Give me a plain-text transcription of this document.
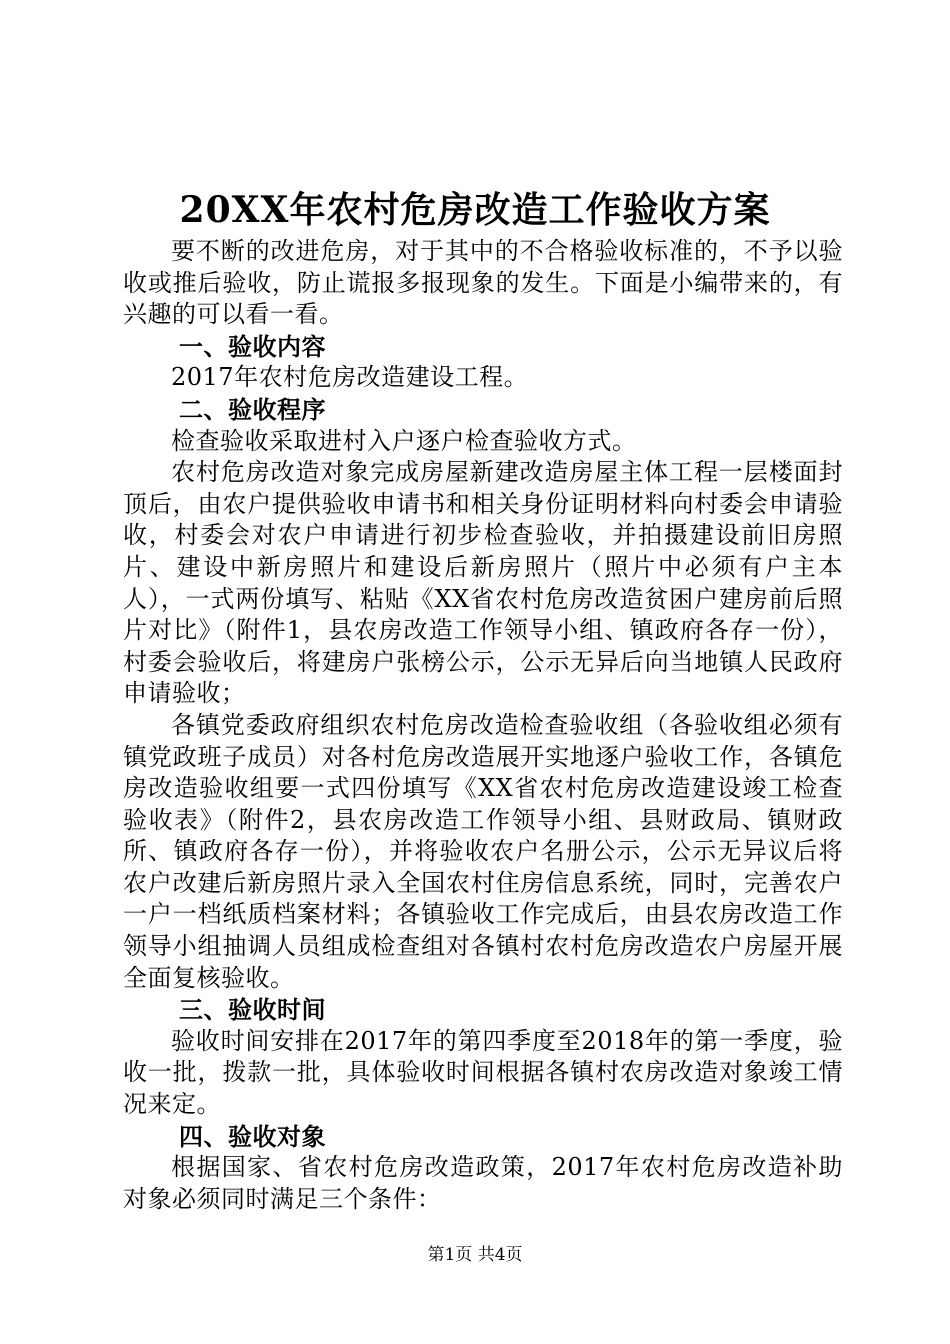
20XX年农村危房改造工作验收方案

要不断的改进危房，对于其中的不合格验收标准的，不予以验收或推后验收，防止谎报多报现象的发生。下面是小编带来的，有兴趣的可以看一看。

一、验收内容

2017年农村危房改造建设工程。

二、验收程序

检查验收采取进村入户逐户检查验收方式。

农村危房改造对象完成房屋新建改造房屋主体工程一层楼面封顶后，由农户提供验收申请书和相关身份证明材料向村委会申请验收，村委会对农户申请进行初步检查验收，并拍摄建设前旧房照片、建设中新房照片和建设后新房照片（照片中必须有户主本人），一式两份填写、粘贴《XX省农村危房改造贫困户建房前后照片对比》（附件1，县农房改造工作领导小组、镇政府各存一份），村委会验收后，将建房户张榜公示，公示无异后向当地镇人民政府申请验收；

各镇党委政府组织农村危房改造检查验收组（各验收组必须有镇党政班子成员）对各村危房改造展开实地逐户验收工作，各镇危房改造验收组要一式四份填写《XX省农村危房改造建设竣工检查验收表》（附件2，县农房改造工作领导小组、县财政局、镇财政所、镇政府各存一份），并将验收农户名册公示，公示无异议后将农户改建后新房照片录入全国农村住房信息系统，同时，完善农户一户一档纸质档案材料；各镇验收工作完成后，由县农房改造工作领导小组抽调人员组成检查组对各镇村农村危房改造农户房屋开展全面复核验收。

三、验收时间

验收时间安排在2017年的第四季度至2018年的第一季度，验收一批，拨款一批，具体验收时间根据各镇村农房改造对象竣工情况来定。

四、验收对象

根据国家、省农村危房改造政策，2017年农村危房改造补助对象必须同时满足三个条件：

第1页 共4页
